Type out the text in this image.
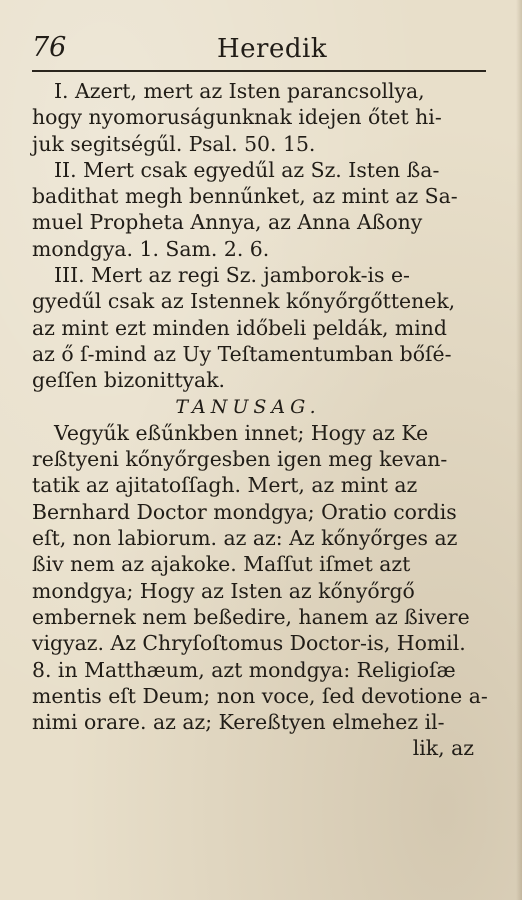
76	Heredik

I. Azert, mert az Isten parancsollya,
hogy nyomoruságunknak idejen őtet hi-
juk segitségűl. Psal. 50. 15.

II. Mert csak egyedűl az Sz. Isten ßa-
badithat megh bennűnket, az mint az Sa-
muel Propheta Annya, az Anna Aßony
mondgya. 1. Sam. 2. 6.

III. Mert az regi Sz. jamborok-is e-
gyedűl csak az Istennek kőnyőrgőttenek,
az mint ezt minden időbeli peldák, mind
az ő ſ-mind az Uy Teſtamentumban bőſé-
geſſen bizonittyak.

TANUSAG.

Vegyűk eßűnkben innet; Hogy az Ke
reßtyeni kőnyőrgesben igen meg kevan-
tatik az ajitatoſſagh. Mert, az mint az
Bernhard Doctor mondgya; Oratio cordis
eſt, non labiorum. az az: Az kőnyőrges az
ßiv nem az ajakoke. Maſſut iſmet azt
mondgya; Hogy az Isten az kőnyőrgő
embernek nem beßedire, hanem az ßivere
vigyaz. Az Chryſoſtomus Doctor-is, Homil.
8. in Matthæum, azt mondgya: Religioſæ
mentis eſt Deum; non voce, ſed devotione a-
nimi orare. az az; Kereßtyen elmehez il-
lik, az
